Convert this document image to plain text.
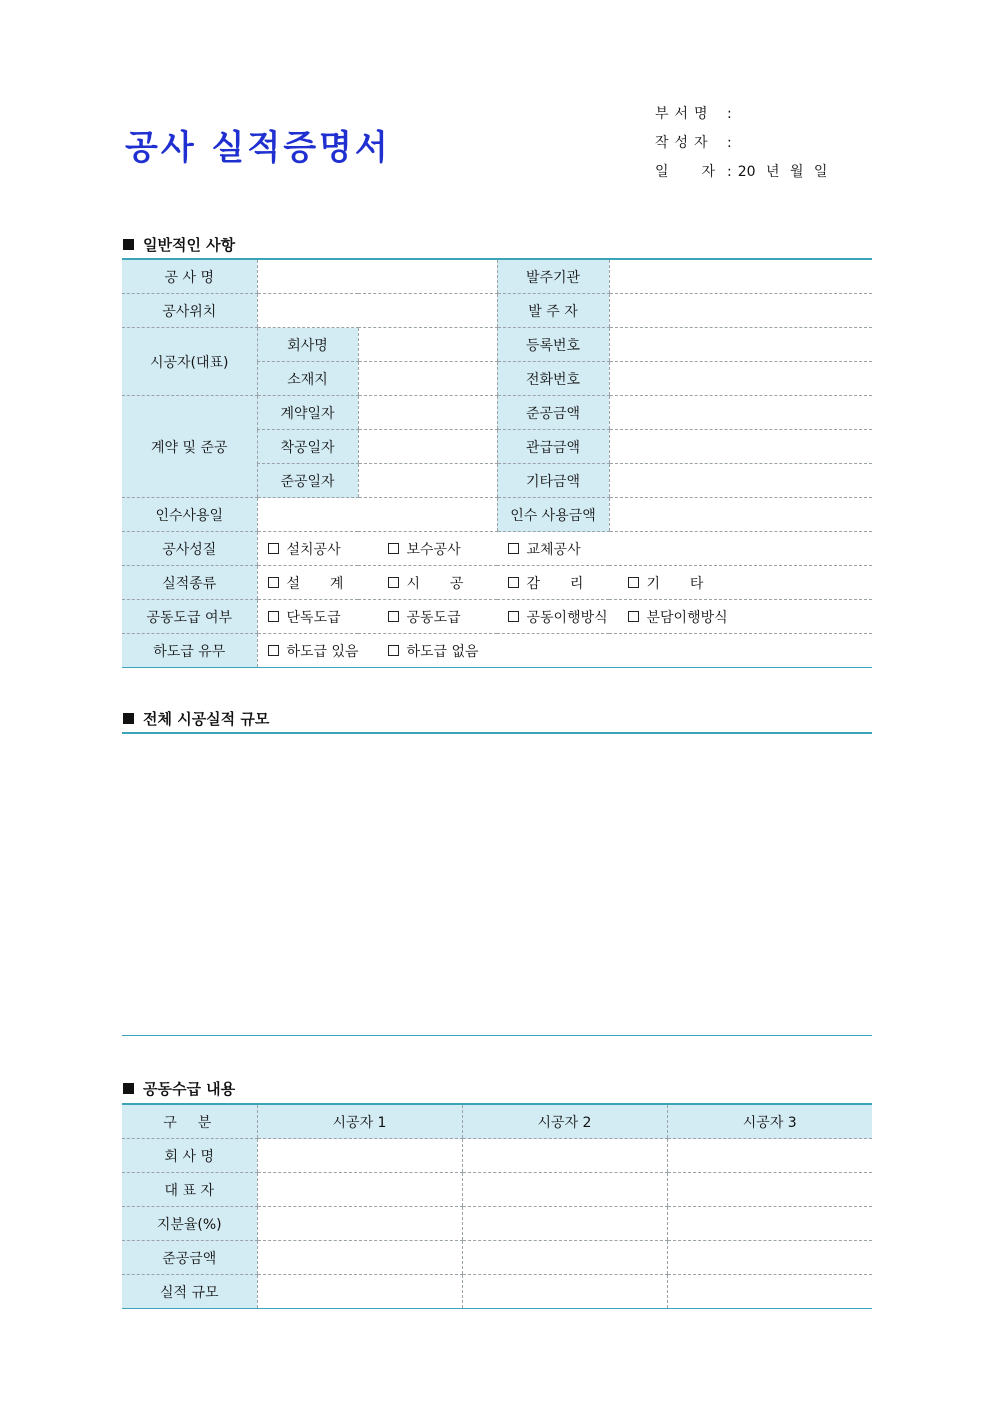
공사 실적증명서
부서명 :
작성자 :
일 자 : 20 년 월 일
일반적인 사항
공 사 명			발주기관	
공사위치			발 주 자	
시공자(대표)	회사명		등록번호	
	소재지		전화번호	
계약 및 준공	계약일자		준공금액	
	착공일자		관급금액	
	준공일자		기타금액	
인수사용일			인수 사용금액	
공사성질	설치공사 보수공사 교체공사			

실적종류	설  계 시  공 감  리 기  타			

공동도급 여부	단독도급 공동도급 공동이행방식 분담이행방식			

하도급 유무	하도급 있음 하도급 없음			
전체 시공실적 규모
공동수급 내용
구  분	시공자 1	시공자 2	시공자 3
회 사 명			
대 표 자			
지분율(%)			
준공금액			
실적 규모			
